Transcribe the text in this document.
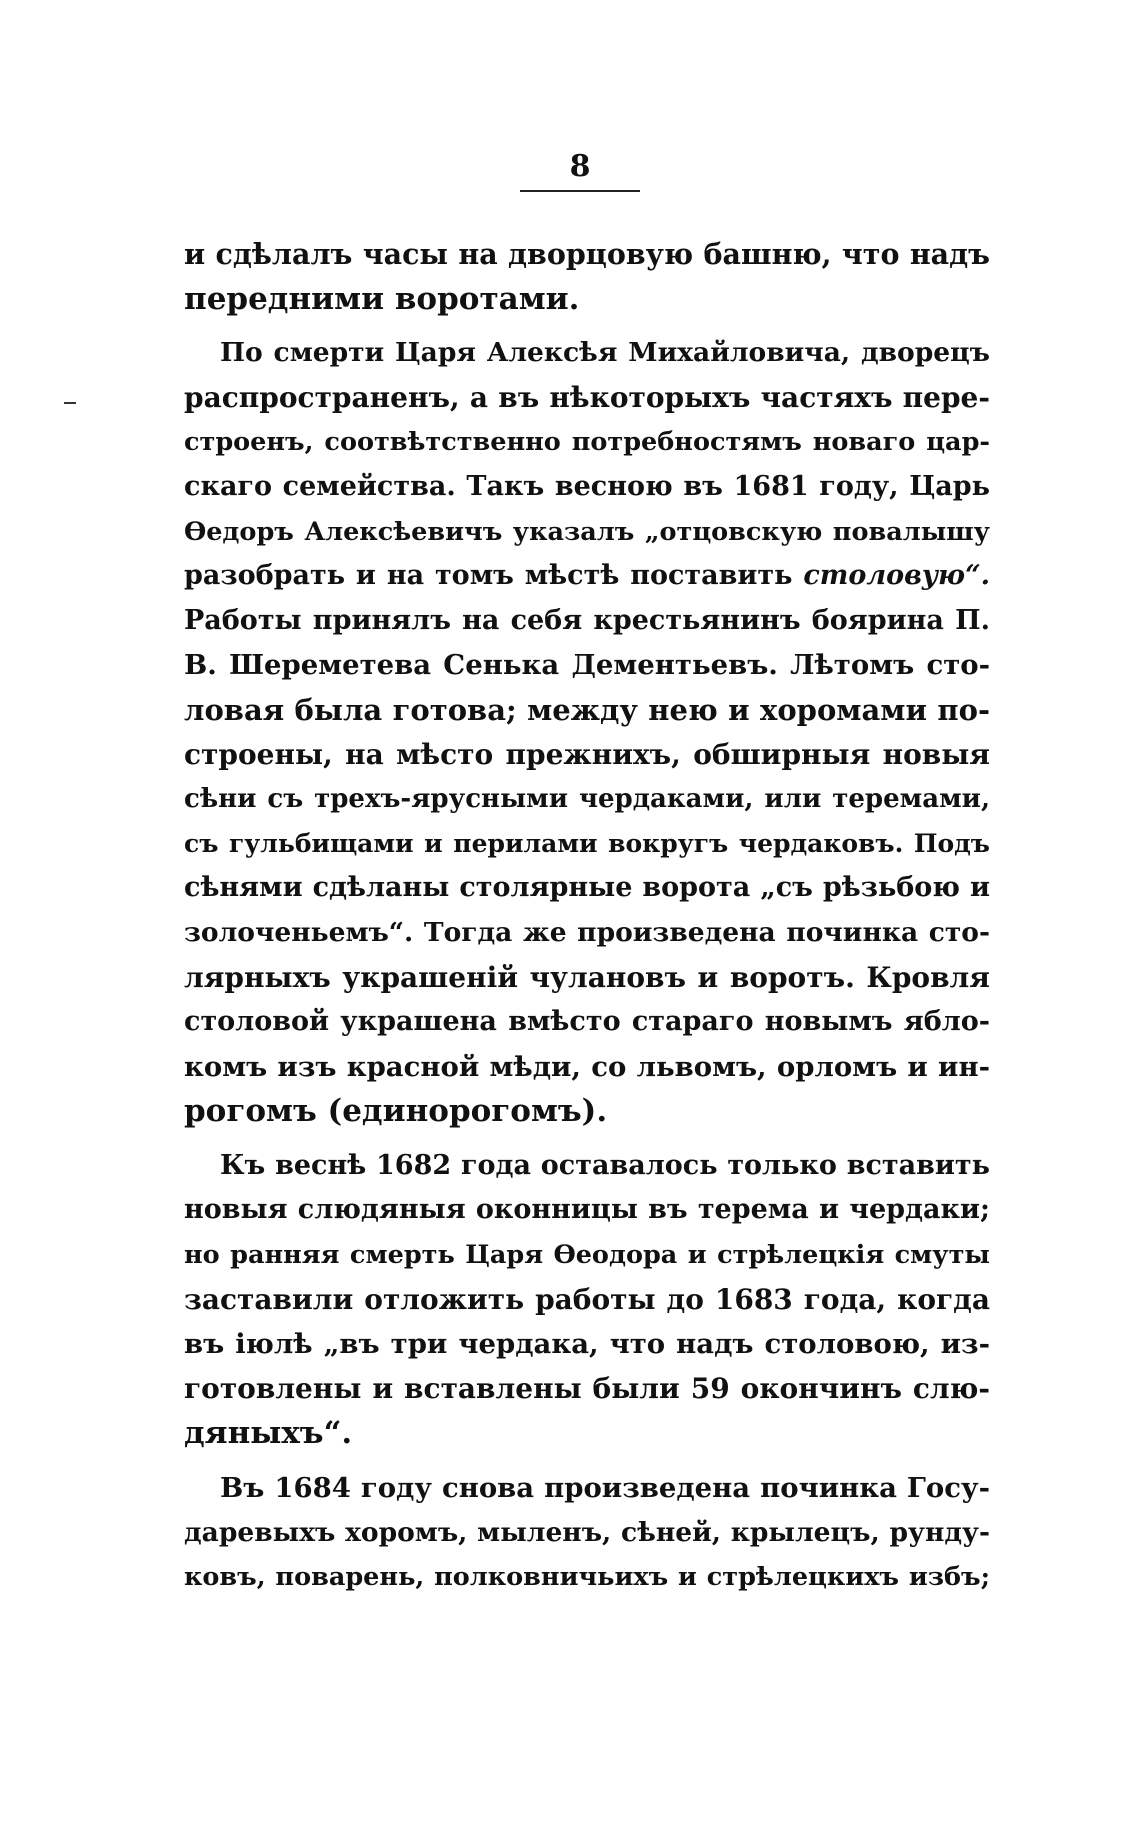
8

и сдѣлалъ часы на дворцовую башню, что надъ
передними воротами.

По смерти Царя Алексѣя Михайловича, дворецъ
распространенъ, а въ нѣкоторыхъ частяхъ пере-
строенъ, соотвѣтственно потребностямъ новаго цар-
скаго семейства. Такъ весною въ 1681 году, Царь
Ѳедоръ Алексѣевичъ указалъ „отцовскую повалышу
разобрать и на томъ мѣстѣ поставить столовую“.
Работы принялъ на себя крестьянинъ боярина П.
В. Шереметева Сенька Дементьевъ. Лѣтомъ сто-
ловая была готова; между нею и хоромами по-
строены, на мѣсто прежнихъ, обширныя новыя
сѣни съ трехъ-ярусными чердаками, или теремами,
съ гульбищами и перилами вокругъ чердаковъ. Подъ
сѣнями сдѣланы столярные ворота „съ рѣзьбою и
золоченьемъ“. Тогда же произведена починка сто-
лярныхъ украшеній чулановъ и воротъ. Кровля
столовой украшена вмѣсто стараго новымъ ябло-
комъ изъ красной мѣди, со львомъ, орломъ и ин-
рогомъ (единорогомъ).

Къ веснѣ 1682 года оставалось только вставить
новыя слюдяныя оконницы въ терема и чердаки;
но ранняя смерть Царя Ѳеодора и стрѣлецкія смуты
заставили отложить работы до 1683 года, когда
въ іюлѣ „въ три чердака, что надъ столовою, из-
готовлены и вставлены были 59 окончинъ слю-
дяныхъ“.

Въ 1684 году снова произведена починка Госу-
даревыхъ хоромъ, мыленъ, сѣней, крылецъ, рунду-
ковъ, поварень, полковничьихъ и стрѣлецкихъ избъ;
